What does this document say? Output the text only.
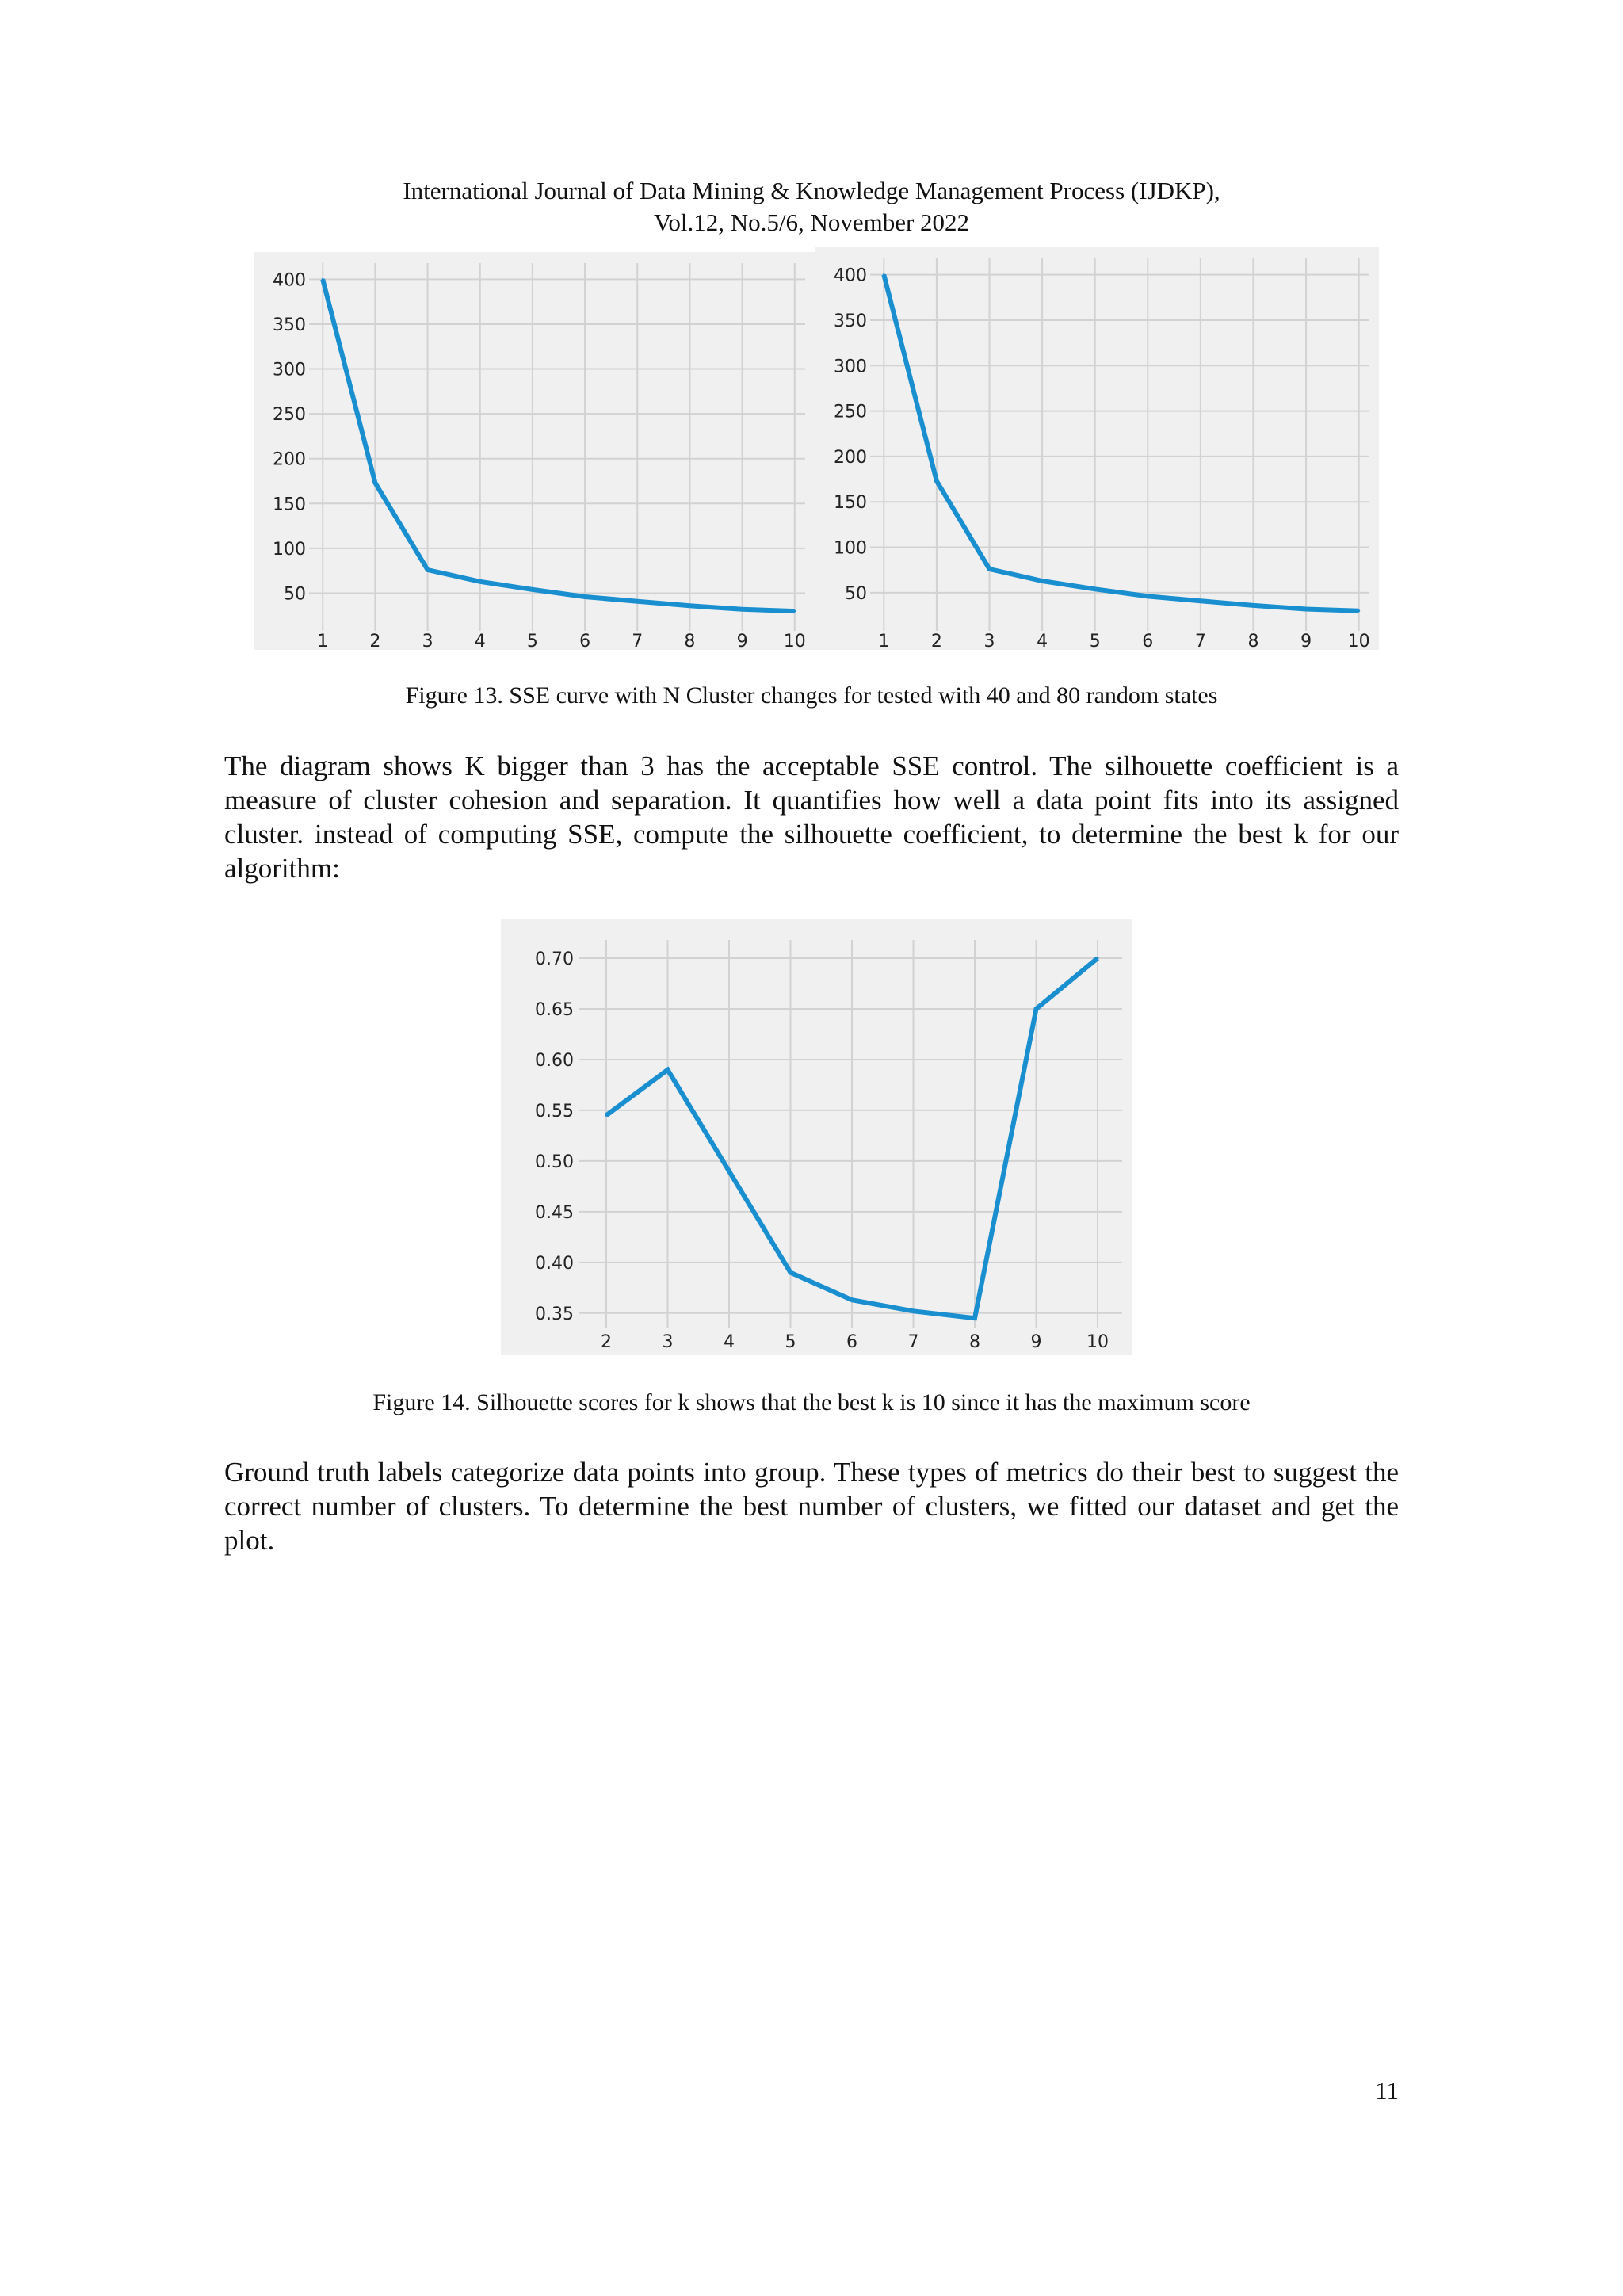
International Journal of Data Mining & Knowledge Management Process (IJDKP),
Vol.12, No.5/6, November 2022
50
100
150
200
250
300
350
400
1 2 3 4 5 6 7 8 9 10
50
100
150
200
250
300
350
400
1 2 3 4 5 6 7 8 9 10
Figure 13. SSE curve with N Cluster changes for tested with 40 and 80 random states

The diagram shows K bigger than 3 has the acceptable SSE control. The silhouette coefficient is a measure of cluster cohesion and separation. It quantifies how well a data point fits into its assigned cluster. instead of computing SSE, compute the silhouette coefficient, to determine the best k for our algorithm:

0.35
0.40
0.45
0.50
0.55
0.60
0.65
0.70
2	3	4	5	6	7	8	9	10
Figure 14. Silhouette scores for k shows that the best k is 10 since it has the maximum score

Ground truth labels categorize data points into group. These types of metrics do their best to suggest the correct number of clusters. To determine the best number of clusters, we fitted our dataset and get the plot.

11
